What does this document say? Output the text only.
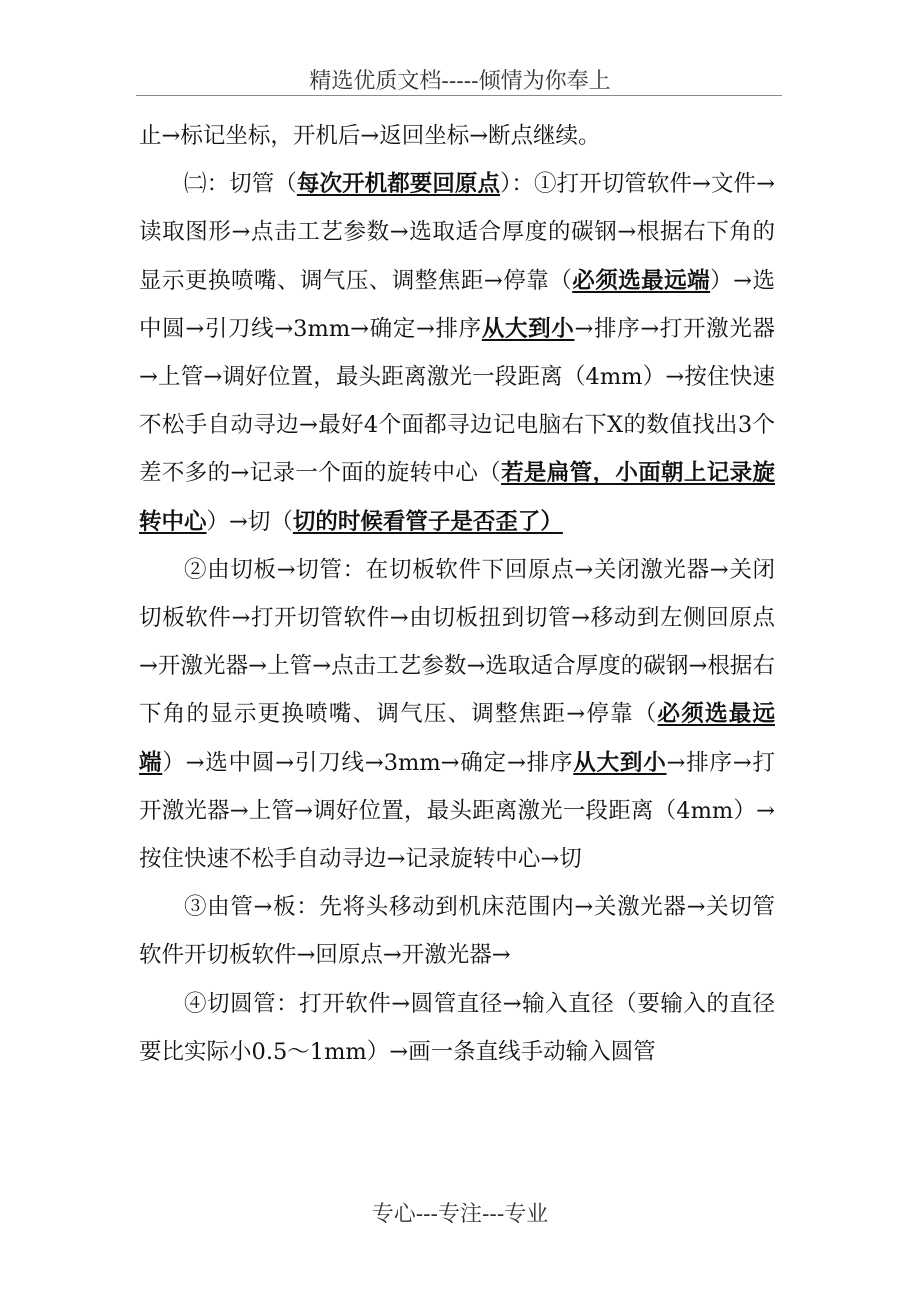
精选优质文档-----倾情为你奉上

止→标记坐标，开机后→返回坐标→断点继续。

㈡：切管（每次开机都要回原点）：①打开切管软件→文件→读取图形→点击工艺参数→选取适合厚度的碳钢→根据右下角的显示更换喷嘴、调气压、调整焦距→停靠（必须选最远端）→选中圆→引刀线→3mm→确定→排序从大到小→排序→打开激光器→上管→调好位置，最头距离激光一段距离（4mm）→按住快速不松手自动寻边→最好4个面都寻边记电脑右下X的数值找出3个差不多的→记录一个面的旋转中心（若是扁管，小面朝上记录旋转中心）→切（切的时候看管子是否歪了）

②由切板→切管：在切板软件下回原点→关闭激光器→关闭切板软件→打开切管软件→由切板扭到切管→移动到左侧回原点→开激光器→上管→点击工艺参数→选取适合厚度的碳钢→根据右下角的显示更换喷嘴、调气压、调整焦距→停靠（必须选最远端）→选中圆→引刀线→3mm→确定→排序从大到小→排序→打开激光器→上管→调好位置，最头距离激光一段距离（4mm）→按住快速不松手自动寻边→记录旋转中心→切

③由管→板：先将头移动到机床范围内→关激光器→关切管软件开切板软件→回原点→开激光器→

④切圆管：打开软件→圆管直径→输入直径（要输入的直径要比实际小0.5～1mm）→画一条直线手动输入圆管

专心---专注---专业
